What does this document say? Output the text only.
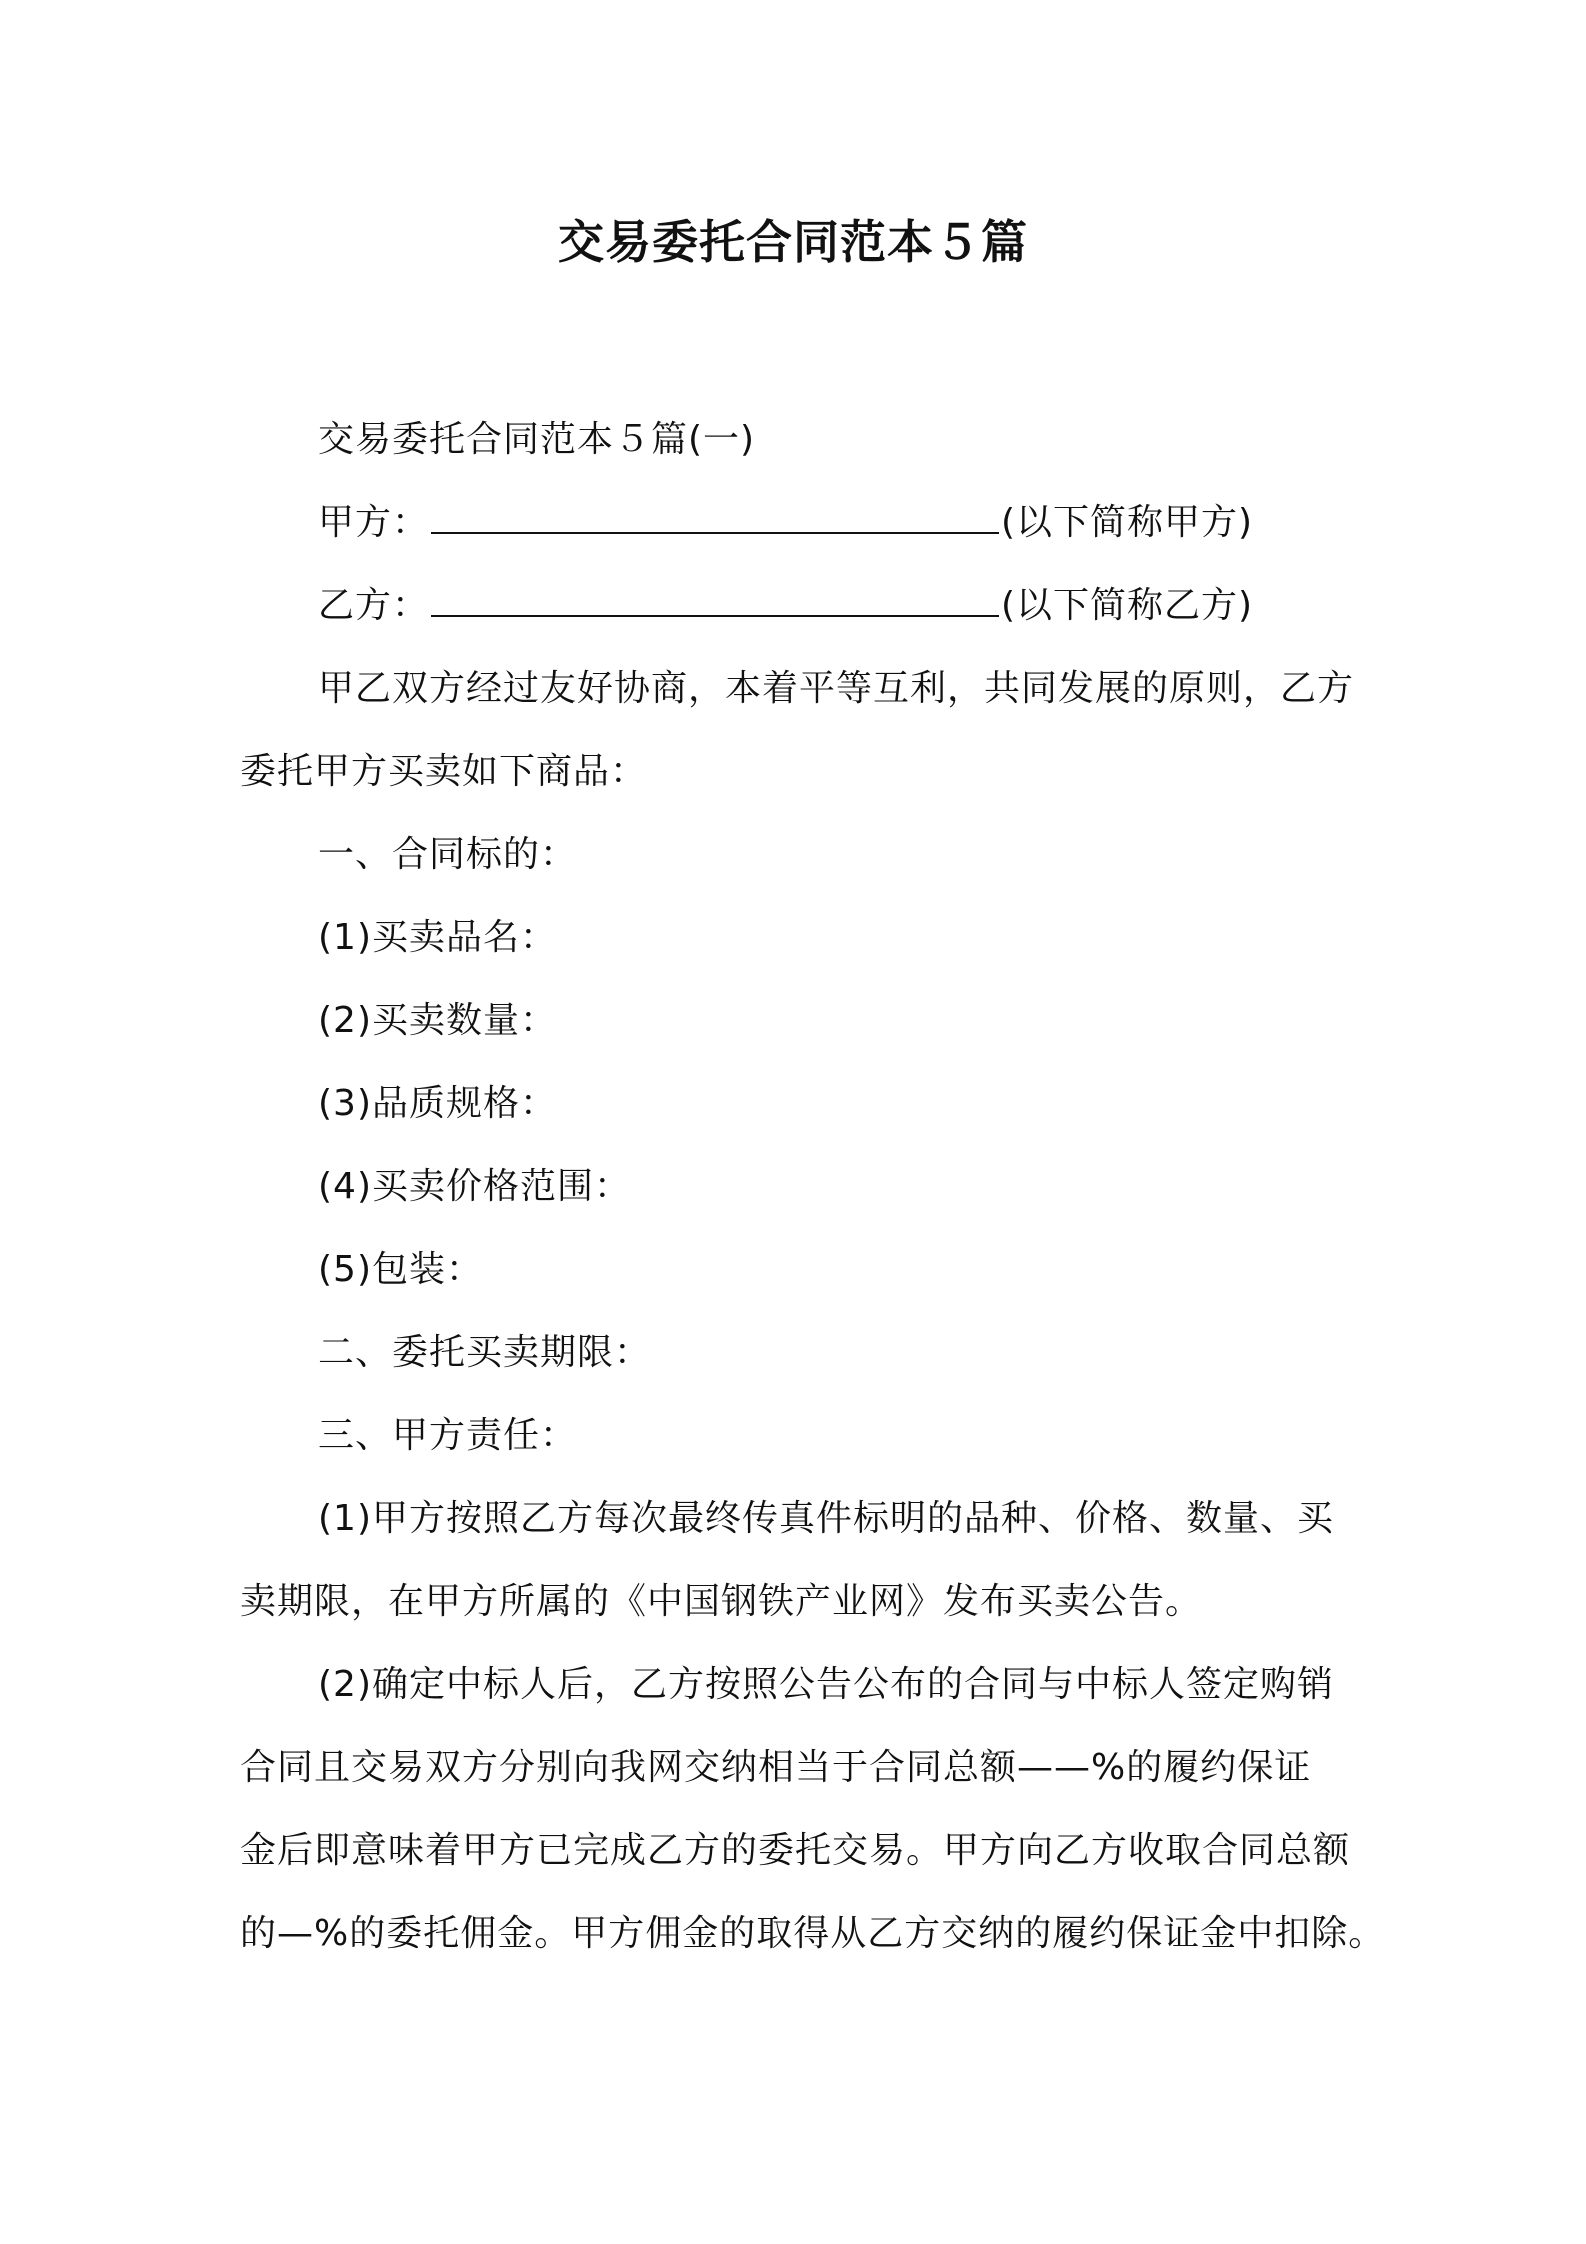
交易委托合同范本５篇
交易委托合同范本５篇(一)
甲方：	(以下简称甲方)
乙方：	(以下简称乙方)
甲乙双方经过友好协商，本着平等互利，共同发展的原则，乙方
委托甲方买卖如下商品：
一、合同标的：
(1)买卖品名：
(2)买卖数量：
(3)品质规格：
(4)买卖价格范围：
(5)包装：
二、委托买卖期限：
三、甲方责任：
(1)甲方按照乙方每次最终传真件标明的品种、价格、数量、买
卖期限，在甲方所属的《中国钢铁产业网》发布买卖公告。
(2)确定中标人后，乙方按照公告公布的合同与中标人签定购销
合同且交易双方分别向我网交纳相当于合同总额——%的履约保证
金后即意味着甲方已完成乙方的委托交易。甲方向乙方收取合同总额
的—%的委托佣金。甲方佣金的取得从乙方交纳的履约保证金中扣除。
